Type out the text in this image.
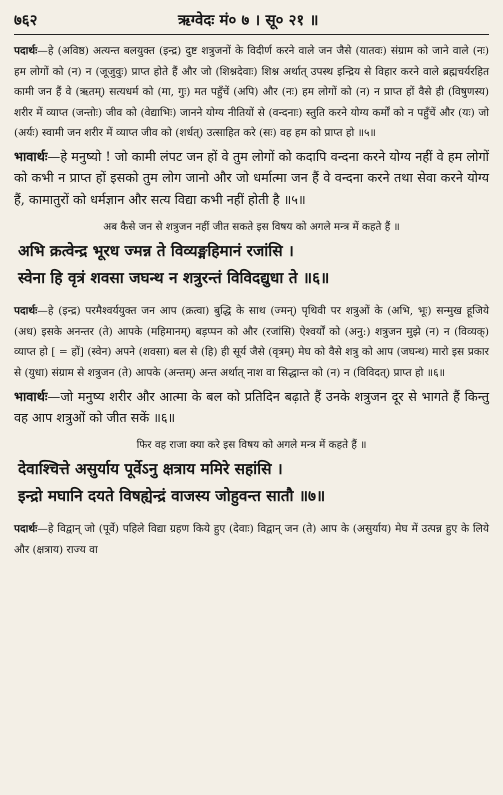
७६२	ऋग्वेदः मं० ७ । सू० २१ ॥

पदार्थः—हे (अविष्ठ) अत्यन्त बलयुक्त (इन्द्र) दुष्ट शत्रुजनों के विदीर्ण करने वाले जन जैसे (यातवः) संग्राम को जाने वाले (नः) हम लोगों को (न) न (जूजुवुः) प्राप्त होते हैं और जो (शिश्नदेवाः) शिश्न अर्थात् उपस्थ इन्द्रिय से विहार करने वाले ब्रह्मचर्यरहित कामी जन हैं वे (ऋतम्) सत्यधर्म को (मा, गुः) मत पहुँचें (अपि) और (नः) हम लोगों को (न) न प्राप्त हों वैसे ही (विषुणस्य) शरीर में व्याप्त (जन्तोः) जीव को (वेद्याभिः) जानने योग्य नीतियों से (वन्दनाः) स्तुति करने योग्य कर्मों को न पहुँचें और (यः) जो (अर्यः) स्वामी जन शरीर में व्याप्त जीव को (शर्धत्) उत्साहित करे (सः) वह हम को प्राप्त हो ॥५॥

भावार्थः—हे मनुष्यो ! जो कामी लंपट जन हों वे तुम लोगों को कदापि वन्दना करने योग्य नहीं वे हम लोगों को कभी न प्राप्त हों इसको तुम लोग जानो और जो धर्मात्मा जन हैं वे वन्दना करने तथा सेवा करने योग्य हैं, कामातुरों को धर्मज्ञान और सत्य विद्या कभी नहीं होती है ॥५॥

अब कैसे जन से शत्रुजन नहीं जीत सकते इस विषय को अगले मन्त्र में कहते हैं ॥

अभि क्रत्वेन्द्र भूरध ज्मन्न ते विव्यङ्महिमानं रजांसि ।
स्वेना हि वृत्रं शवसा जघन्थ न शत्रुरन्तं विविदद्युधा ते ॥६॥

पदार्थः—हे (इन्द्र) परमैश्वर्ययुक्त जन आप (क्रत्वा) बुद्धि के साथ (ज्मन्) पृथिवी पर शत्रुओं के (अभि, भूः) सन्मुख हूजिये (अध) इसके अनन्तर (ते) आपके (महिमानम्) बड़प्पन को और (रजांसि) ऐश्वर्यों को (अनु:) शत्रुजन मुझे (न) न (विव्यक्) व्याप्त हो [ = हों] (स्वेन) अपने (शवसा) बल से (हि) ही सूर्य जैसे (वृत्रम्) मेघ को वैसे शत्रु को आप (जघन्थ) मारो इस प्रकार से (युधा) संग्राम से शत्रुजन (ते) आपके (अन्तम्) अन्त अर्थात् नाश वा सिद्धान्त को (न) न (विविदत्) प्राप्त हो ॥६॥

भावार्थः—जो मनुष्य शरीर और आत्मा के बल को प्रतिदिन बढ़ाते हैं उनके शत्रुजन दूर से भागते हैं किन्तु वह आप शत्रुओं को जीत सकें ॥६॥

फिर वह राजा क्या करे इस विषय को अगले मन्त्र में कहते हैं ॥

देवाश्चित्ते असुर्याय पूर्वेऽनु क्षत्राय ममिरे सहांसि ।
इन्द्रो मघानि दयते विषह्येन्द्रं वाजस्य जोहुवन्त सातौ ॥७॥

पदार्थः—हे विद्वान् जो (पूर्वे) पहिले विद्या ग्रहण किये हुए (देवाः) विद्वान् जन (ते) आप के (असुर्याय) मेघ में उत्पन्न हुए के लिये और (क्षत्राय) राज्य वा
